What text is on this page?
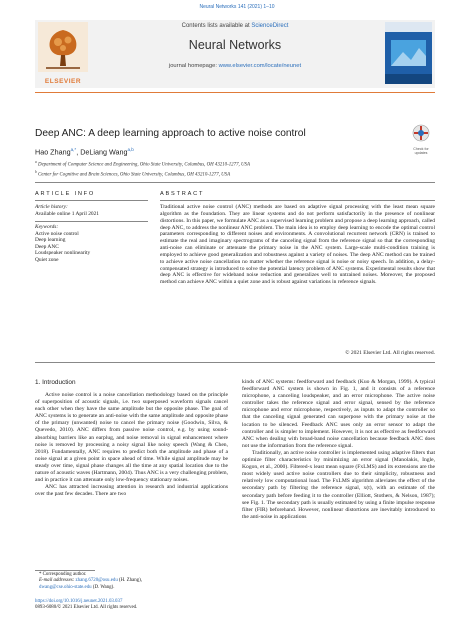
Neural Networks 141 (2021) 1–10
ELSEVIER
Contents lists available at ScienceDirect
Neural Networks
journal homepage: www.elsevier.com/locate/neunet
Deep ANC: A deep learning approach to active noise control
Check for updates
Hao Zhang$^{a,*}$, DeLiang Wang$^{a,b}$
$^a$ Department of Computer Science and Engineering, Ohio State University, Columbus, OH 43210-1277, USA
$^b$ Center for Cognitive and Brain Sciences, Ohio State University, Columbus, OH 43210-1277, USA
ARTICLE INFO
Article history:
Available online 1 April 2021
Keywords:
Active noise control
Deep learning
Deep ANC
Loudspeaker nonlinearity
Quiet zone
ABSTRACT
Traditional active noise control (ANC) methods are based on adaptive signal processing with the least mean square algorithm as the foundation. They are linear systems and do not perform satisfactorily in the presence of nonlinear distortions. In this paper, we formulate ANC as a supervised learning problem and propose a deep learning approach, called deep ANC, to address the nonlinear ANC problem. The main idea is to employ deep learning to encode the optimal control parameters corresponding to different noises and environments. A convolutional recurrent network (CRN) is trained to estimate the real and imaginary spectrograms of the canceling signal from the reference signal so that the corresponding anti-noise can eliminate or attenuate the primary noise in the ANC system. Large-scale multi-condition training is employed to achieve good generalization and robustness against a variety of noises. The deep ANC method can be trained to achieve active noise cancellation no matter whether the reference signal is noise or noisy speech. In addition, a delay-compensated strategy is introduced to solve the potential latency problem of ANC systems. Experimental results show that deep ANC is effective for wideband noise reduction and generalizes well to untrained noises. Moreover, the proposed method can achieve ANC within a quiet zone and is robust against variations in reference signals.
© 2021 Elsevier Ltd. All rights reserved.
1. Introduction

Active noise control is a noise cancellation methodology based on the principle of superposition of acoustic signals, i.e. two superposed waveform signals cancel each other when they have the same amplitude but the opposite phase. The goal of ANC systems is to generate an anti-noise with the same amplitude and opposite phase of the primary (unwanted) noise to cancel the primary noise (Goodwin, Silva, & Quevedo, 2010). ANC differs from passive noise control, e.g. by using sound-absorbing barriers like an earplug, and noise removal in signal enhancement where noise is removed by processing a noisy signal like noisy speech (Wang & Chen, 2018). Fundamentally, ANC requires to predict both the amplitude and phase of a noise signal at a given point in space ahead of time. While signal amplitude may be steady over time, signal phase changes all the time at any spatial location due to the nature of acoustic waves (Hartmann, 2004). Thus ANC is a very challenging problem, and in practice it can attenuate only low-frequency stationary noises.

ANC has attracted increasing attention in research and industrial applications over the past few decades. There are two

* Corresponding author.
E-mail addresses: zhang.6720@osu.edu (H. Zhang),
dwang@cse.ohio-state.edu (D. Wang).
https://doi.org/10.1016/j.neunet.2021.03.037
0893-6080/© 2021 Elsevier Ltd. All rights reserved.

kinds of ANC systems: feedforward and feedback (Kuo & Morgan, 1999). A typical feedforward ANC system is shown in Fig. 1, and it consists of a reference microphone, a canceling loudspeaker, and an error microphone. The active noise controller takes the reference signal and error signal, sensed by the reference microphone and error microphone, respectively, as inputs to adapt the controller so that the canceling signal generated can superpose with the primary noise at the location to be silenced. Feedback ANC uses only an error sensor to adapt the controller and is simpler to implement. However, it is not as effective as feedforward ANC when dealing with broad-band noise cancellation because feedback ANC does not use the information from the reference signal.

Traditionally, an active noise controller is implemented using adaptive filters that optimize filter characteristics by minimizing an error signal (Manolakis, Ingle, Kogon, et al., 2000). Filtered-x least mean square (FxLMS) and its extensions are the most widely used active noise controllers due to their simplicity, robustness and relatively low computational load. The FxLMS algorithm alleviates the effect of the secondary path by filtering the reference signal, x(t), with an estimate of the secondary path before feeding it to the controller (Elliott, Stothers, & Nelson, 1987); see Fig. 1. The secondary path is usually estimated by using a finite impulse response filter (FIR) beforehand. However, nonlinear distortions are inevitably introduced to the anti-noise in applications
